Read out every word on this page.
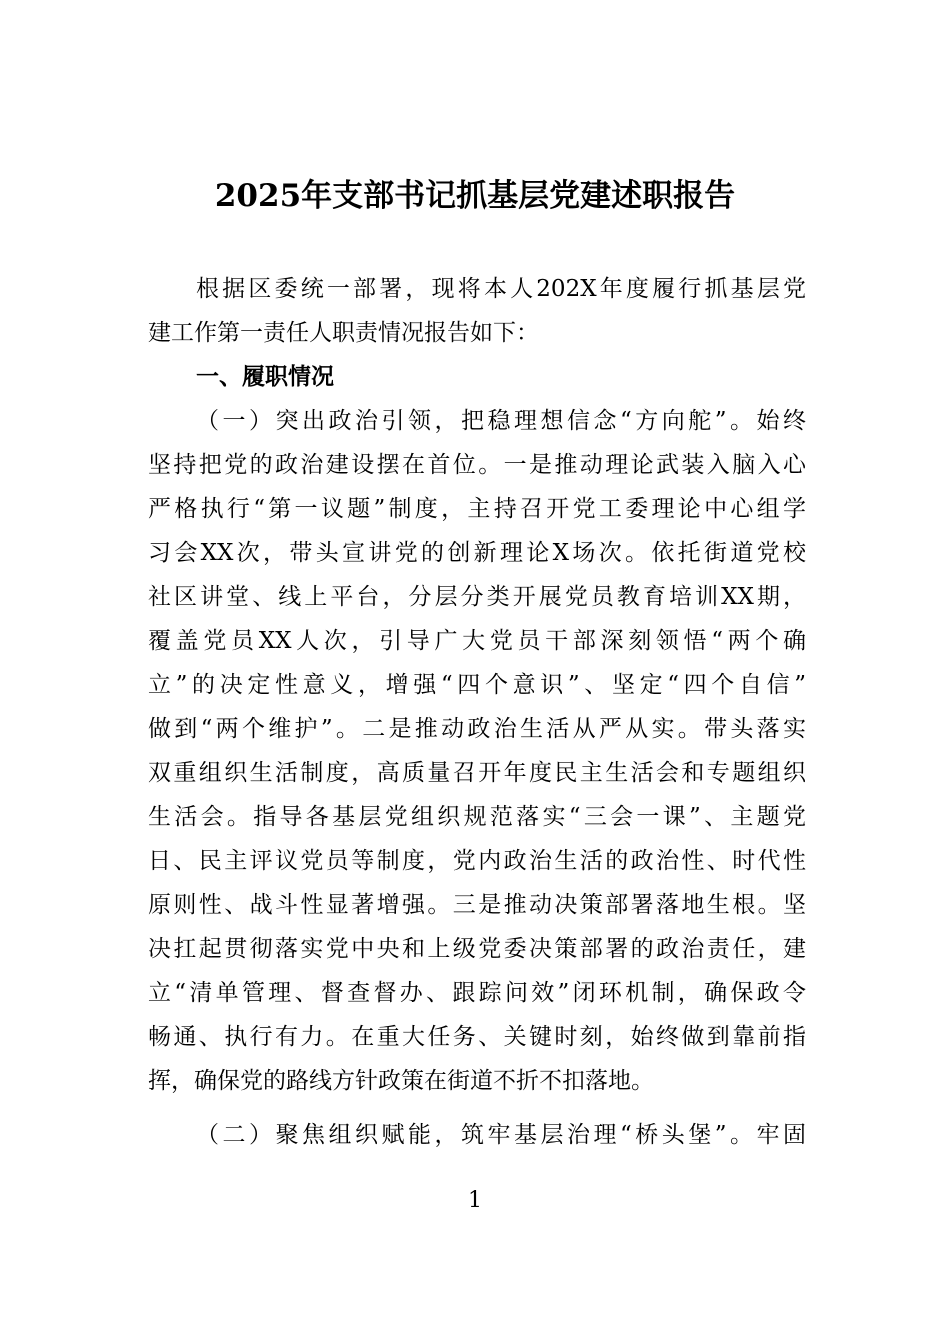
2025年支部书记抓基层党建述职报告
根据区委统一部署，现将本人202X年度履行抓基层党
建工作第一责任人职责情况报告如下：
一、履职情况
（一）突出政治引领，把稳理想信念“方向舵”。始终
坚持把党的政治建设摆在首位。一是推动理论武装入脑入心
严格执行“第一议题”制度，主持召开党工委理论中心组学
习会XX次，带头宣讲党的创新理论X场次。依托街道党校
社区讲堂、线上平台，分层分类开展党员教育培训XX期，
覆盖党员XX人次，引导广大党员干部深刻领悟“两个确
立”的决定性意义，增强“四个意识”、坚定“四个自信”
做到“两个维护”。二是推动政治生活从严从实。带头落实
双重组织生活制度，高质量召开年度民主生活会和专题组织
生活会。指导各基层党组织规范落实“三会一课”、主题党
日、民主评议党员等制度，党内政治生活的政治性、时代性
原则性、战斗性显著增强。三是推动决策部署落地生根。坚
决扛起贯彻落实党中央和上级党委决策部署的政治责任，建
立“清单管理、督查督办、跟踪问效”闭环机制，确保政令
畅通、执行有力。在重大任务、关键时刻，始终做到靠前指
挥，确保党的路线方针政策在街道不折不扣落地。
（二）聚焦组织赋能，筑牢基层治理“桥头堡”。牢固
1
